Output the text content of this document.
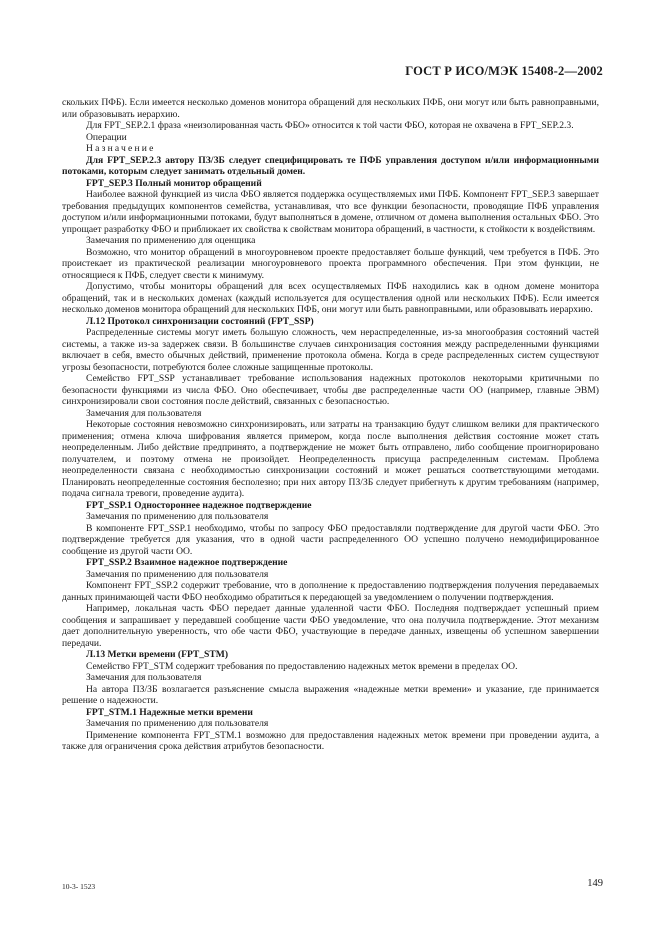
ГОСТ Р ИСО/МЭК 15408-2—2002

скольких ПФБ). Если имеется несколько доменов монитора обращений для нескольких ПФБ, они могут или быть равноправными, или образовывать иерархию.

Для FPT_SEP.2.1 фраза «неизолированная часть ФБО» относится к той части ФБО, которая не охвачена в FPT_SEP.2.3.

Операции

Назначение

Для FPT_SEP.2.3 автору ПЗ/ЗБ следует специфицировать те ПФБ управления доступом и/или информационными потоками, которым следует занимать отдельный домен.

FPT_SEP.3 Полный монитор обращений

Наиболее важной функцией из числа ФБО является поддержка осуществляемых ими ПФБ. Компонент FPT_SEP.3 завершает требования предыдущих компонентов семейства, устанавливая, что все функции безопасности, проводящие ПФБ управления доступом и/или информационными потоками, будут выполняться в домене, отличном от домена выполнения остальных ФБО. Это упрощает разработку ФБО и приближает их свойства к свойствам монитора обращений, в частности, к стойкости к воздействиям.

Замечания по применению для оценщика

Возможно, что монитор обращений в многоуровневом проекте предоставляет больше функций, чем требуется в ПФБ. Это проистекает из практической реализации многоуровневого проекта программного обеспечения. При этом функции, не относящиеся к ПФБ, следует свести к минимуму.

Допустимо, чтобы мониторы обращений для всех осуществляемых ПФБ находились как в одном домене монитора обращений, так и в нескольких доменах (каждый используется для осуществления одной или нескольких ПФБ). Если имеется несколько доменов монитора обращений для нескольких ПФБ, они могут или быть равноправными, или образовывать иерархию.

Л.12 Протокол синхронизации состояний (FPT_SSP)

Распределенные системы могут иметь большую сложность, чем нераспределенные, из-за многообразия состояний частей системы, а также из-за задержек связи. В большинстве случаев синхронизация состояния между распределенными функциями включает в себя, вместо обычных действий, применение протокола обмена. Когда в среде распределенных систем существуют угрозы безопасности, потребуются более сложные защищенные протоколы.

Семейство FPT_SSP устанавливает требование использования надежных протоколов некоторыми критичными по безопасности функциями из числа ФБО. Оно обеспечивает, чтобы две распределенные части ОО (например, главные ЭВМ) синхронизировали свои состояния после действий, связанных с безопасностью.

Замечания для пользователя

Некоторые состояния невозможно синхронизировать, или затраты на транзакцию будут слишком велики для практического применения; отмена ключа шифрования является примером, когда после выполнения действия состояние может стать неопределенным. Либо действие предпринято, а подтверждение не может быть отправлено, либо сообщение проигнорировано получателем, и поэтому отмена не произойдет. Неопределенность присуща распределенным системам. Проблема неопределенности связана с необходимостью синхронизации состояний и может решаться соответствующими методами. Планировать неопределенные состояния бесполезно; при них автору ПЗ/ЗБ следует прибегнуть к другим требованиям (например, подача сигнала тревоги, проведение аудита).

FPT_SSP.1 Одностороннее надежное подтверждение

Замечания по применению для пользователя

В компоненте FPT_SSP.1 необходимо, чтобы по запросу ФБО предоставляли подтверждение для другой части ФБО. Это подтверждение требуется для указания, что в одной части распределенного ОО успешно получено немодифицированное сообщение из другой части ОО.

FPT_SSP.2 Взаимное надежное подтверждение

Замечания по применению для пользователя

Компонент FPT_SSP.2 содержит требование, что в дополнение к предоставлению подтверждения получения передаваемых данных принимающей части ФБО необходимо обратиться к передающей за уведомлением о получении подтверждения.

Например, локальная часть ФБО передает данные удаленной части ФБО. Последняя подтверждает успешный прием сообщения и запрашивает у передавшей сообщение части ФБО уведомление, что она получила подтверждение. Этот механизм дает дополнительную уверенность, что обе части ФБО, участвующие в передаче данных, извещены об успешном завершении передачи.

Л.13 Метки времени (FPT_STM)

Семейство FPT_STM содержит требования по предоставлению надежных меток времени в пределах ОО.

Замечания для пользователя

На автора ПЗ/ЗБ возлагается разъяснение смысла выражения «надежные метки времени» и указание, где принимается решение о надежности.

FPT_STM.1 Надежные метки времени

Замечания по применению для пользователя

Применение компонента FPT_STM.1 возможно для предоставления надежных меток времени при проведении аудита, а также для ограничения срока действия атрибутов безопасности.

10-3- 1523	149
